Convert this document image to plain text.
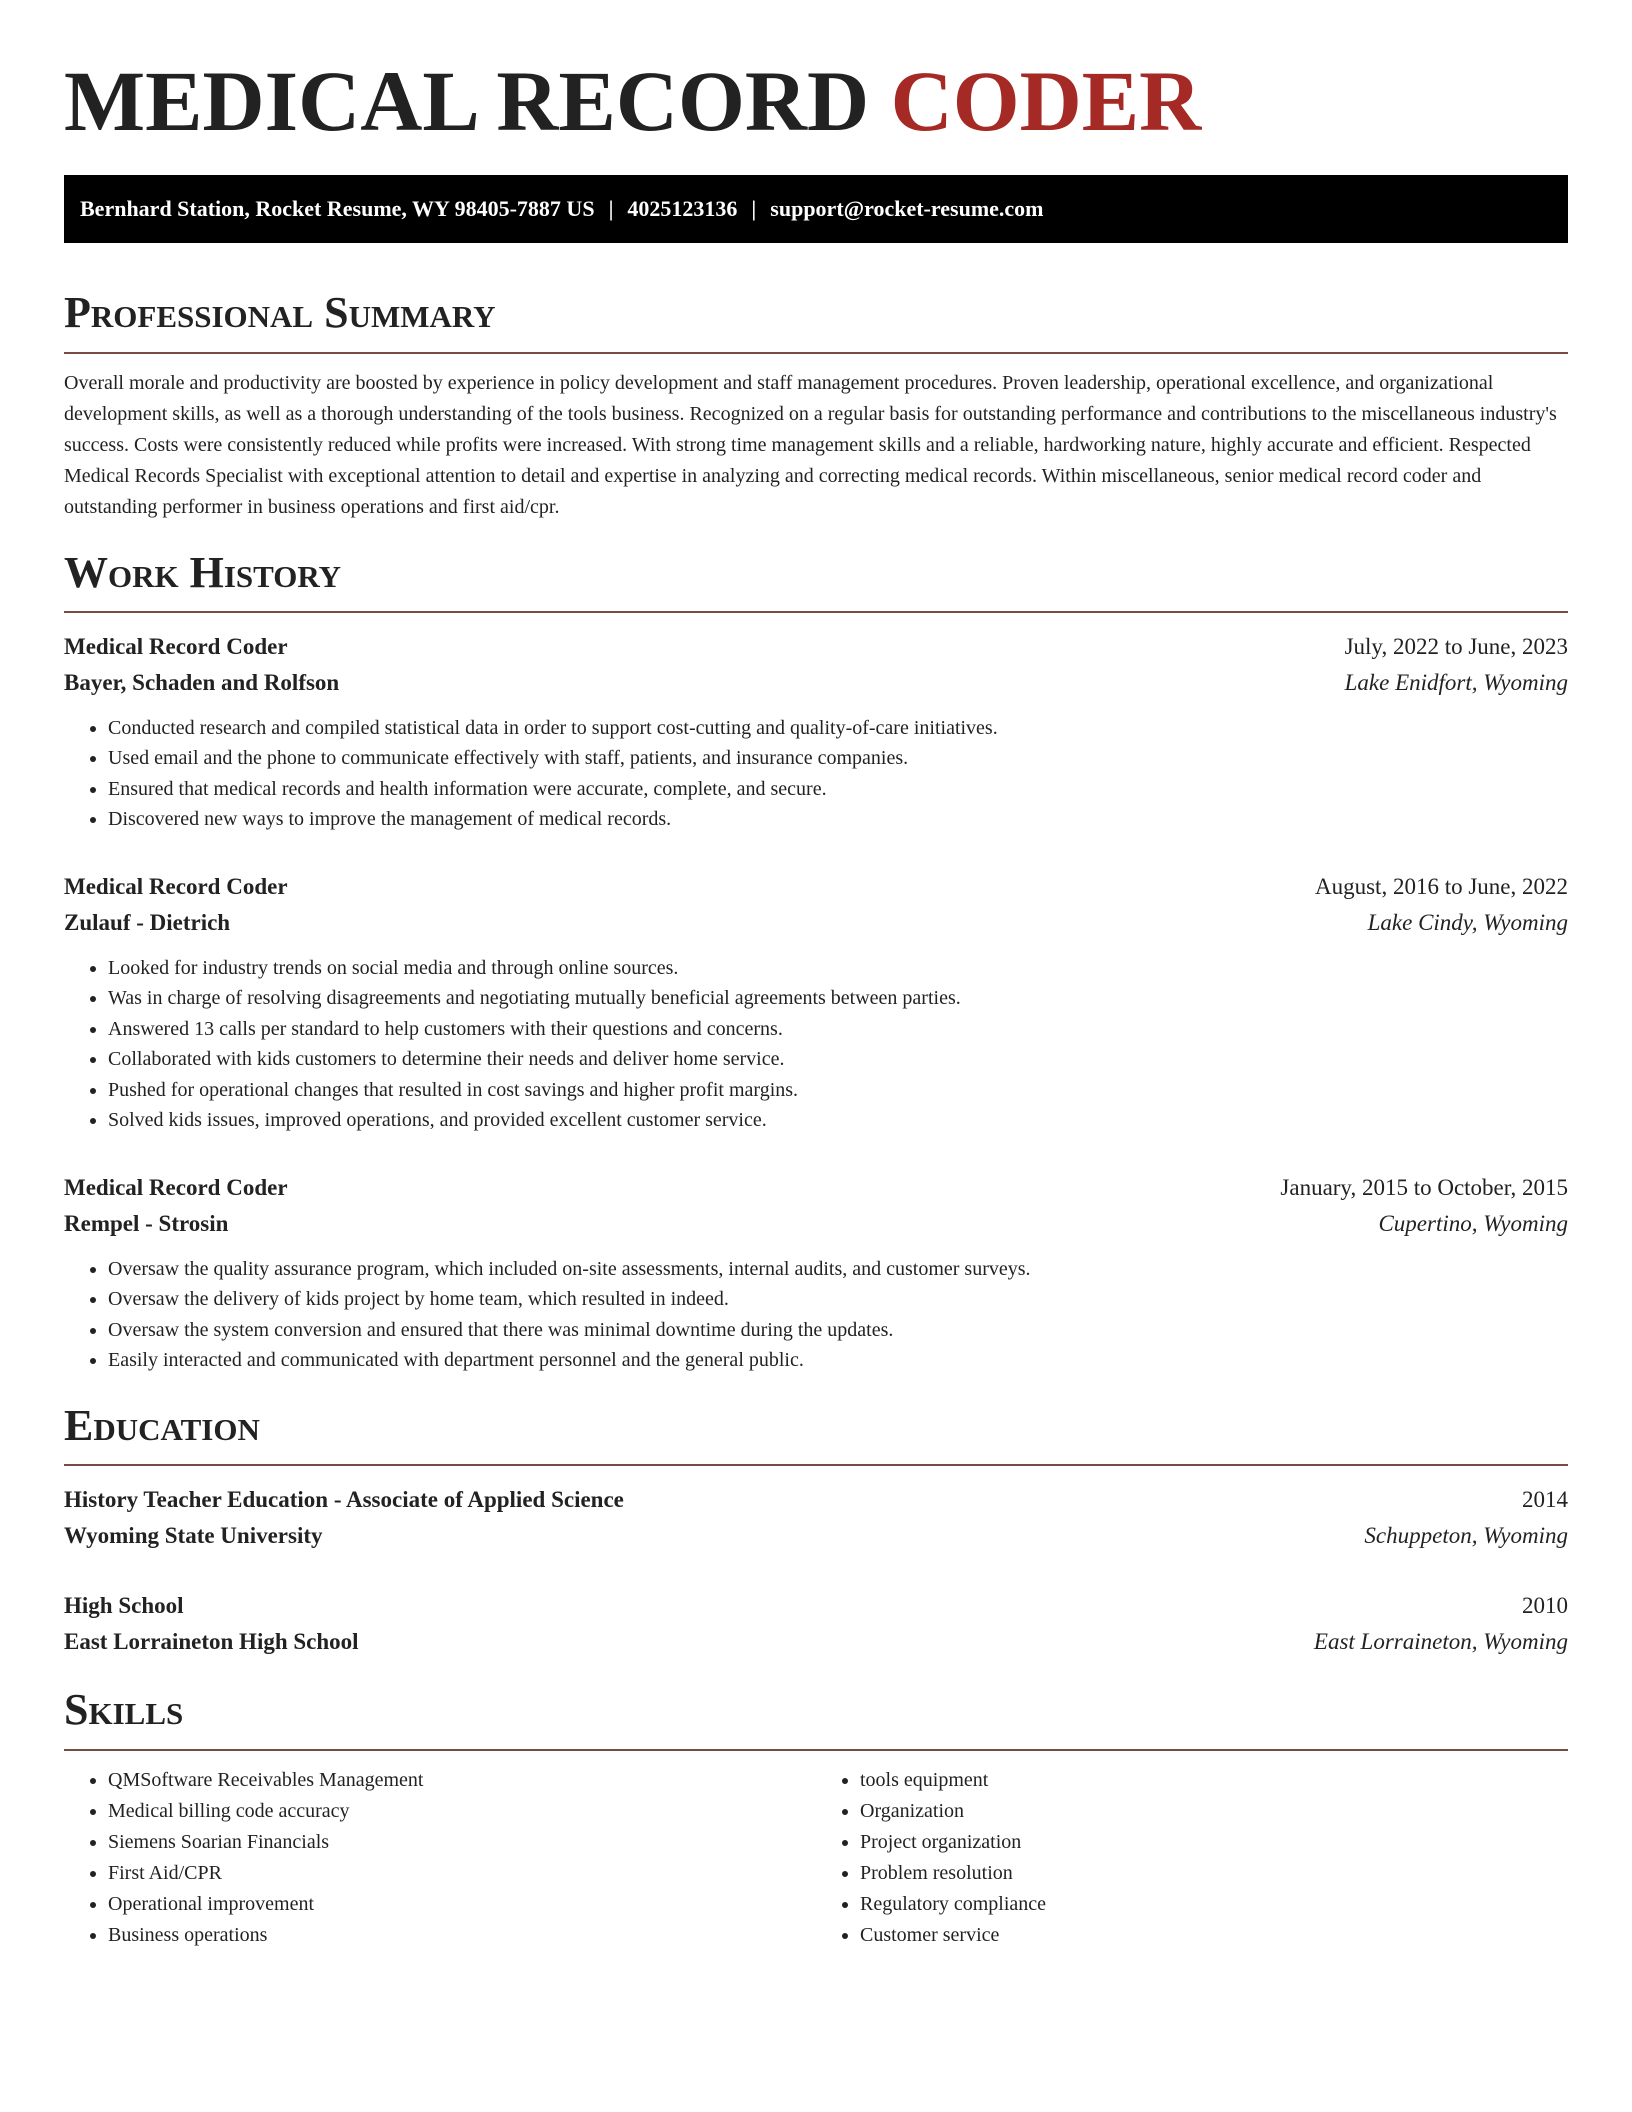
MEDICAL RECORD CODER
Bernhard Station, Rocket Resume, WY 98405-7887 US | 4025123136 | support@rocket-resume.com
Professional Summary

Overall morale and productivity are boosted by experience in policy development and staff management procedures. Proven leadership, operational excellence, and organizational development skills, as well as a thorough understanding of the tools business. Recognized on a regular basis for outstanding performance and contributions to the miscellaneous industry's success. Costs were consistently reduced while profits were increased. With strong time management skills and a reliable, hardworking nature, highly accurate and efficient. Respected Medical Records Specialist with exceptional attention to detail and expertise in analyzing and correcting medical records. Within miscellaneous, senior medical record coder and outstanding performer in business operations and first aid/cpr.

Work History
Medical Record Coder	July, 2022 to June, 2023
Bayer, Schaden and Rolfson	Lake Enidfort, Wyoming
• Conducted research and compiled statistical data in order to support cost-cutting and quality-of-care initiatives.
• Used email and the phone to communicate effectively with staff, patients, and insurance companies.
• Ensured that medical records and health information were accurate, complete, and secure.
• Discovered new ways to improve the management of medical records.
Medical Record Coder	August, 2016 to June, 2022
Zulauf - Dietrich	Lake Cindy, Wyoming
• Looked for industry trends on social media and through online sources.
• Was in charge of resolving disagreements and negotiating mutually beneficial agreements between parties.
• Answered 13 calls per standard to help customers with their questions and concerns.
• Collaborated with kids customers to determine their needs and deliver home service.
• Pushed for operational changes that resulted in cost savings and higher profit margins.
• Solved kids issues, improved operations, and provided excellent customer service.
Medical Record Coder	January, 2015 to October, 2015
Rempel - Strosin	Cupertino, Wyoming
• Oversaw the quality assurance program, which included on-site assessments, internal audits, and customer surveys.
• Oversaw the delivery of kids project by home team, which resulted in indeed.
• Oversaw the system conversion and ensured that there was minimal downtime during the updates.
• Easily interacted and communicated with department personnel and the general public.
Education
History Teacher Education - Associate of Applied Science	2014
Wyoming State University	Schuppeton, Wyoming
High School	2010
East Lorraineton High School	East Lorraineton, Wyoming
Skills
• QMSoftware Receivables Management
• Medical billing code accuracy
• Siemens Soarian Financials
• First Aid/CPR
• Operational improvement
• Business operations
• tools equipment
• Organization
• Project organization
• Problem resolution
• Regulatory compliance
• Customer service
